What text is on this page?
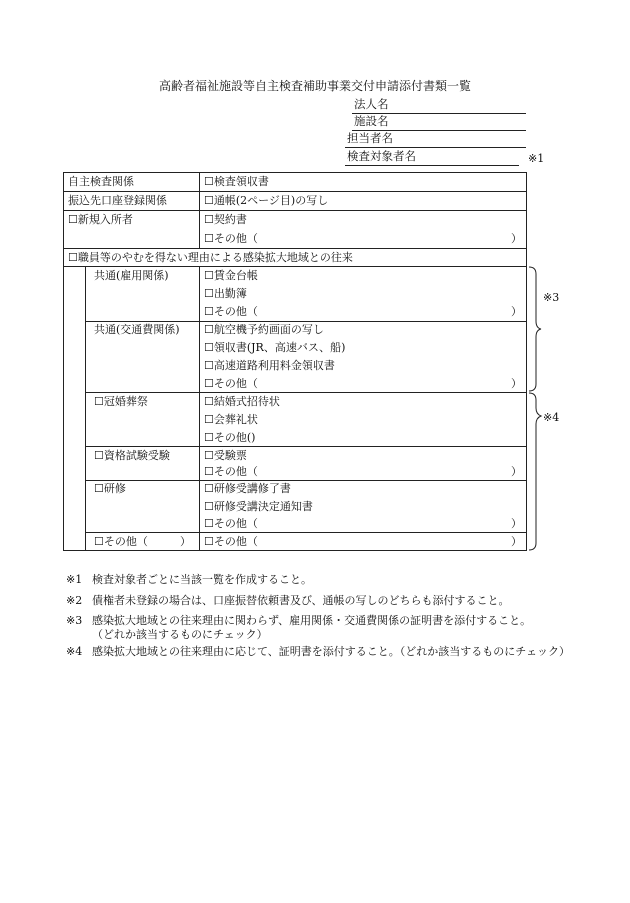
高齢者福祉施設等自主検査補助事業交付申請添付書類一覧
法人名
施設名
担当者名
検査対象者名	※1
自主検査関係	☐検査領収書
振込先口座登録関係	☐通帳(2ページ目)の写し
☐新規入所者	☐契約書
☐その他（	）
☐職員等のやむを得ない理由による感染拡大地域との往来
共通(雇用関係)	☐賃金台帳
☐出勤簿
☐その他（	）
共通(交通費関係) ☐航空機予約画面の写し
☐領収書(JR、高速バス、船)
☐高速道路利用料金領収書
☐その他（	）
☐冠婚葬祭	☐結婚式招待状
☐会葬礼状
☐その他()
☐資格試験受験	☐受験票
☐その他（	）
☐研修	☐研修受講修了書
☐研修受講決定通知書
☐その他（	）
☐その他（	） ☐その他（	）
※3
※4
※1 検査対象者ごとに当該一覧を作成すること。
※2 債権者未登録の場合は、口座振替依頼書及び、通帳の写しのどちらも添付すること。
※3 感染拡大地域との往来理由に関わらず、雇用関係・交通費関係の証明書を添付すること。
（どれか該当するものにチェック）
※4 感染拡大地域との往来理由に応じて、証明書を添付すること。（どれか該当するものにチェック）
